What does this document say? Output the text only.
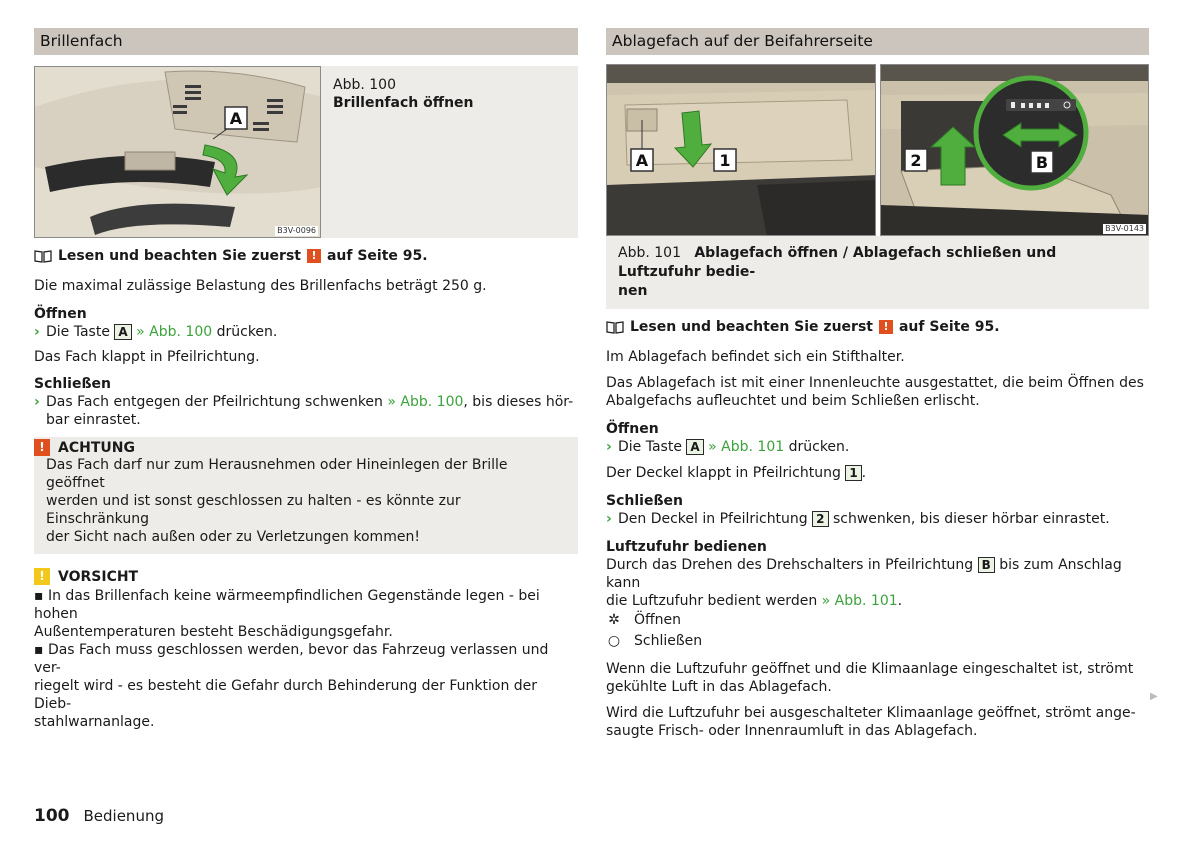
Brillenfach
A
B3V-0096
Abb. 100
Brillenfach öffnen
Lesen und beachten Sie zuerst ! auf Seite 95.

Die maximal zulässige Belastung des Brillenfachs beträgt 250 g.

Öffnen
› Die Taste A » Abb. 100 drücken.

Das Fach klappt in Pfeilrichtung.

Schließen
› Das Fach entgegen der Pfeilrichtung schwenken » Abb. 100, bis dieses hör-
bar einrastet.
! ACHTUNG

Das Fach darf nur zum Herausnehmen oder Hineinlegen der Brille geöffnet

werden und ist sonst geschlossen zu halten - es könnte zur Einschränkung

der Sicht nach außen oder zu Verletzungen kommen!

! VORSICHT

▪ In das Brillenfach keine wärmeempfindlichen Gegenstände legen - bei hohen

Außentemperaturen besteht Beschädigungsgefahr.

▪ Das Fach muss geschlossen werden, bevor das Fahrzeug verlassen und ver-

riegelt wird - es besteht die Gefahr durch Behinderung der Funktion der Dieb-

stahlwarnanlage.

Ablagefach auf der Beifahrerseite
A	1	2	B
B3V-0143
Abb. 101 Ablagefach öffnen / Ablagefach schließen und Luftzufuhr bedie-
nen
Lesen und beachten Sie zuerst ! auf Seite 95.

Im Ablagefach befindet sich ein Stifthalter.

Das Ablagefach ist mit einer Innenleuchte ausgestattet, die beim Öffnen des

Abalgefachs aufleuchtet und beim Schließen erlischt.

Öffnen
› Die Taste A » Abb. 101 drücken.

Der Deckel klappt in Pfeilrichtung 1 .

Schließen
› Den Deckel in Pfeilrichtung 2 schwenken, bis dieser hörbar einrastet.
Luftzufuhr bedienen

Durch das Drehen des Drehschalters in Pfeilrichtung B bis zum Anschlag kann

die Luftzufuhr bedient werden » Abb. 101.

✲ Öffnen
○ Schließen

Wenn die Luftzufuhr geöffnet und die Klimaanlage eingeschaltet ist, strömt

gekühlte Luft in das Ablagefach.

Wird die Luftzufuhr bei ausgeschalteter Klimaanlage geöffnet, strömt ange-

saugte Frisch- oder Innenraumluft in das Ablagefach.

▶
100 Bedienung
